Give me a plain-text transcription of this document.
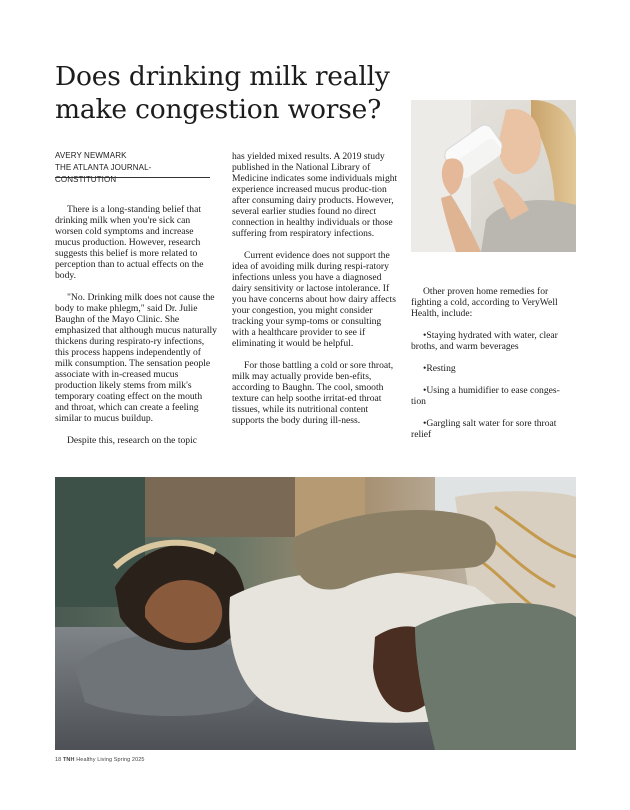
Does drinking milk really make congestion worse?
AVERY NEWMARK
THE ATLANTA JOURNAL-CONSTITUTION

There is a long-standing belief that drinking milk when you're sick can worsen cold symptoms and increase mucus production. However, research suggests this belief is more related to perception than to actual effects on the body.

"No. Drinking milk does not cause the body to make phlegm," said Dr. Julie Baughn of the Mayo Clinic. She emphasized that although mucus naturally thickens during respirato-ry infections, this process happens independently of milk consumption. The sensation people associate with in-creased mucus production likely stems from milk's temporary coating effect on the mouth and throat, which can create a feeling similar to mucus buildup.

Despite this, research on the topic

has yielded mixed results. A 2019 study published in the National Library of Medicine indicates some individuals might experience increased mucus produc-tion after consuming dairy products. However, several earlier studies found no direct connection in healthy individuals or those suffering from respiratory infections.

Current evidence does not support the idea of avoiding milk during respi-ratory infections unless you have a diagnosed dairy sensitivity or lactose intolerance. If you have concerns about how dairy affects your congestion, you might consider tracking your symp-toms or consulting with a healthcare provider to see if eliminating it would be helpful.

For those battling a cold or sore throat, milk may actually provide ben-efits, according to Baughn. The cool, smooth texture can help soothe irritat-ed throat tissues, while its nutritional content supports the body during ill-ness.

Other proven home remedies for fighting a cold, according to VeryWell Health, include:

•Staying hydrated with water, clear broths, and warm beverages

•Resting

•Using a humidifier to ease conges-tion

•Gargling salt water for sore throat relief

18 TNH Healthy Living Spring 2025
